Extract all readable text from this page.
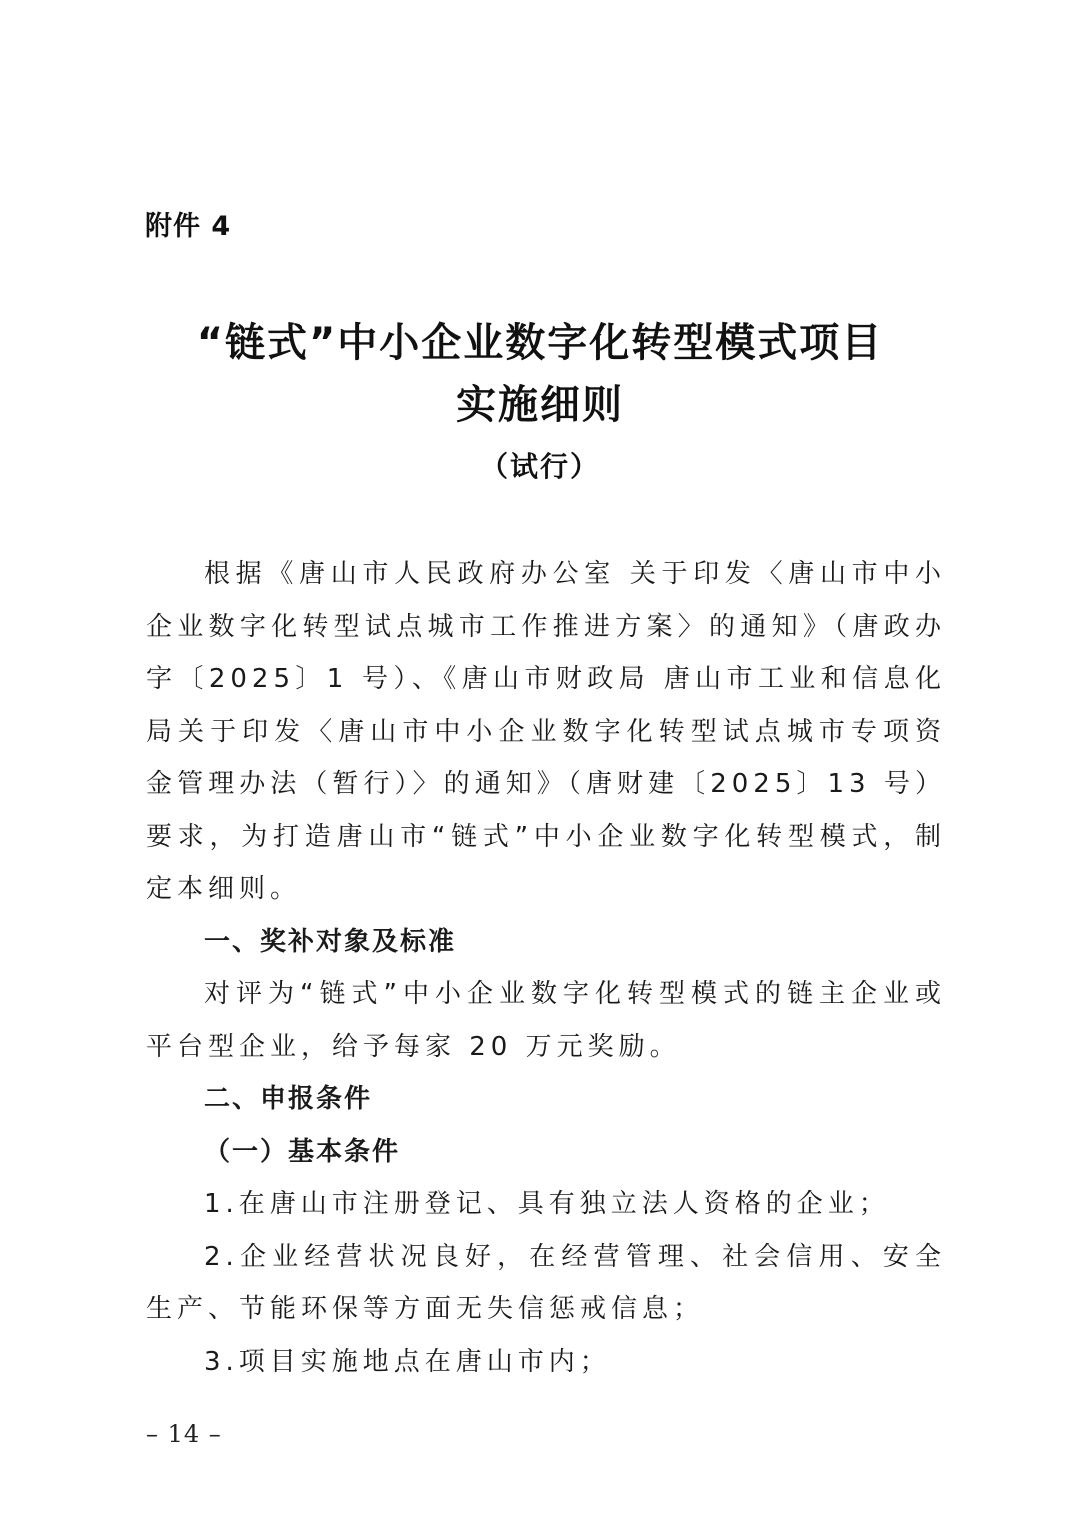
附件 4
“链式”中小企业数字化转型模式项目
实施细则
（试行）

根据《唐山市人民政府办公室 关于印发〈唐山市中小企业数字化转型试点城市工作推进方案〉的通知》（唐政办字〔2025〕1 号）、《唐山市财政局 唐山市工业和信息化局关于印发〈唐山市中小企业数字化转型试点城市专项资金管理办法（暂行）〉的通知》（唐财建〔2025〕13 号）要求，为打造唐山市“链式”中小企业数字化转型模式，制定本细则。

一、奖补对象及标准

对评为“链式”中小企业数字化转型模式的链主企业或平台型企业，给予每家 20 万元奖励。

二、申报条件

（一）基本条件

1.在唐山市注册登记、具有独立法人资格的企业；

2.企业经营状况良好，在经营管理、社会信用、安全生产、节能环保等方面无失信惩戒信息；

3.项目实施地点在唐山市内；

– 14 –
